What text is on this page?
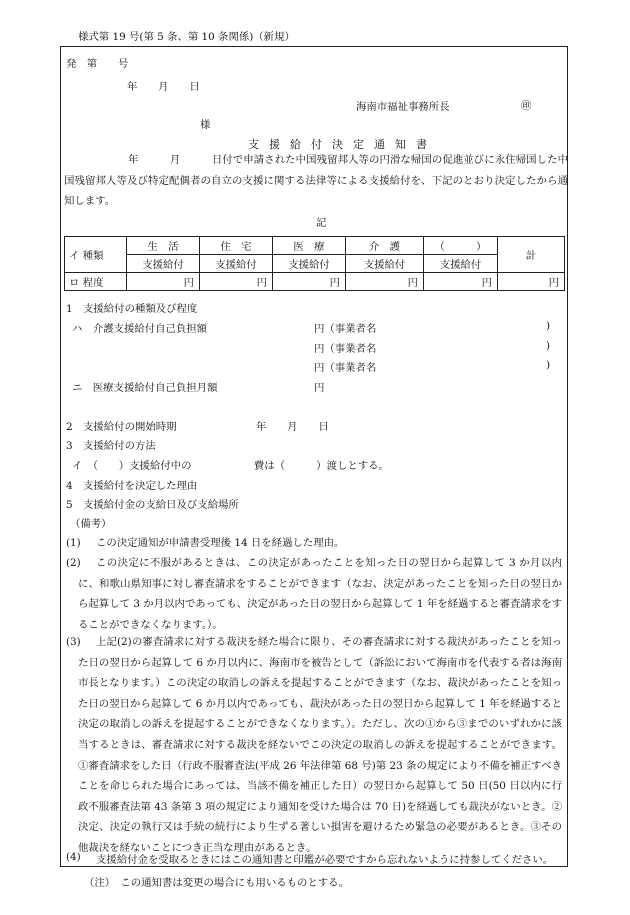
様式第 19 号(第 5 条、第 10 条関係)（新規）
発　第　　号
年　　月　　日
海南市福祉事務所長	㊞
様
支援給付決定通知書
年　　　月　　　日付で申請された中国残留邦人等の円滑な帰国の促進並びに永住帰国した中国残留邦人等及び特定配偶者の自立の支援に関する法律等による支援給付を、下記のとおり決定したから通知します。
記
イ 種類	生　活	住　宅	医　療	介　護	（　　　）	計
	支援給付	支援給付	支援給付	支援給付	支援給付	
ロ 程度	円	円	円	円	円	円
1　支援給付の種類及び程度
ハ　介護支援給付自己負担額	円（事業者名	)
円（事業者名	)
円（事業者名	)
ニ　医療支援給付自己負担月額	円
2　支援給付の開始時期	年　　月　　日
3　支援給付の方法
イ　（　　）支援給付中の　　　　　　費は（　　　）渡しとする。
4　支援給付を決定した理由
5　支援給付金の支給日及び支給場所
（備考）
(1) この決定通知が申請書受理後 14 日を経過した理由。
(2)	この決定に不服があるときは、この決定があったことを知った日の翌日から起算して 3 か月以内に、和歌山県知事に対し審査請求をすることができます（なお、決定があったことを知った日の翌日から起算して 3 か月以内であっても、決定があった日の翌日から起算して 1 年を経過すると審査請求をすることができなくなります。）。
(3)	上記(2)の審査請求に対する裁決を経た場合に限り、その審査請求に対する裁決があったことを知った日の翌日から起算して 6 か月以内に、海南市を被告として（訴訟において海南市を代表する者は海南市長となります。）この決定の取消しの訴えを提起することができます（なお、裁決があったことを知った日の翌日から起算して 6 か月以内であっても、裁決があった日の翌日から起算して 1 年を経過すると決定の取消しの訴えを提起することができなくなります。）。ただし、次の①から③までのいずれかに該当するときは、審査請求に対する裁決を経ないでこの決定の取消しの訴えを提起することができます。①審査請求をした日（行政不服審査法(平成 26 年法律第 68 号)第 23 条の規定により不備を補正すべきことを命じられた場合にあっては、当該不備を補正した日）の翌日から起算して 50 日(50 日以内に行政不服審査法第 43 条第 3 項の規定により通知を受けた場合は 70 日)を経過しても裁決がないとき。②決定、決定の執行又は手続の続行により生ずる著しい損害を避けるため緊急の必要があるとき。③その他裁決を経ないことにつき正当な理由があるとき。
(4) 支援給付金を受取るときにはこの通知書と印鑑が必要ですから忘れないように持参してください。
（注）　この通知書は変更の場合にも用いるものとする。
